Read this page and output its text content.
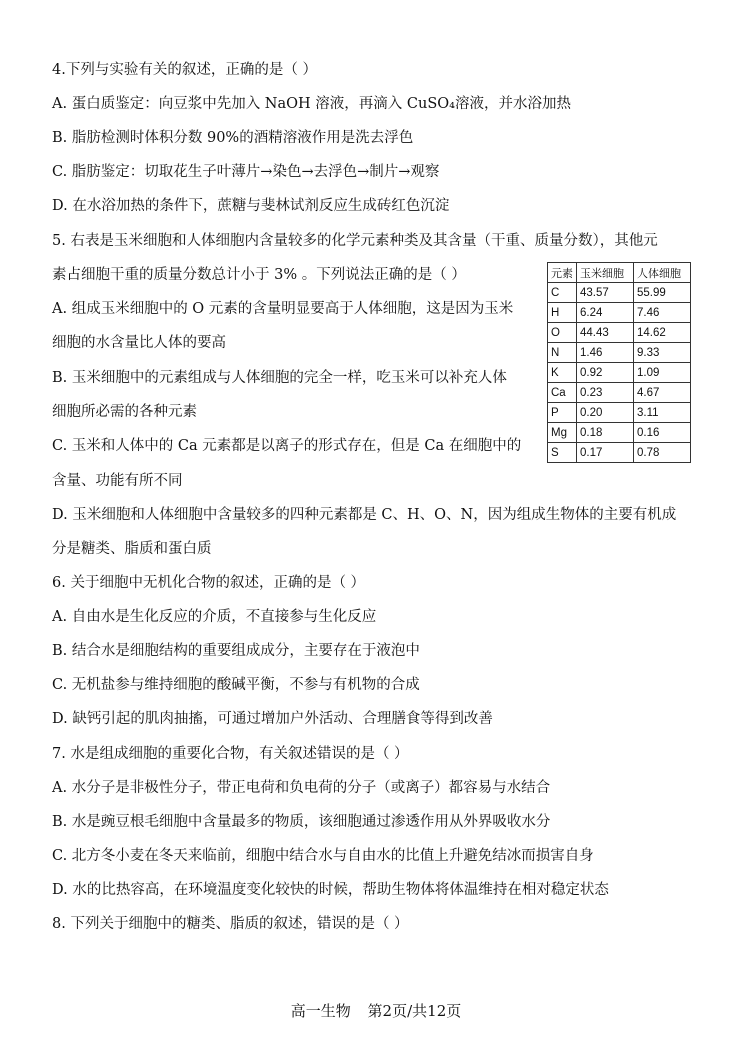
4.下列与实验有关的叙述，正确的是（ ）
A. 蛋白质鉴定：向豆浆中先加入 NaOH 溶液，再滴入 CuSO₄溶液，并水浴加热
B. 脂肪检测时体积分数 90%的酒精溶液作用是洗去浮色
C. 脂肪鉴定：切取花生子叶薄片→染色→去浮色→制片→观察
D. 在水浴加热的条件下，蔗糖与斐林试剂反应生成砖红色沉淀
5. 右表是玉米细胞和人体细胞内含量较多的化学元素种类及其含量（干重、质量分数），其他元
素占细胞干重的质量分数总计小于 3% 。下列说法正确的是（ ）
A. 组成玉米细胞中的 O 元素的含量明显要高于人体细胞，这是因为玉米
细胞的水含量比人体的要高
B. 玉米细胞中的元素组成与人体细胞的完全一样，吃玉米可以补充人体
细胞所必需的各种元素
C. 玉米和人体中的 Ca 元素都是以离子的形式存在，但是 Ca 在细胞中的
含量、功能有所不同
D. 玉米细胞和人体细胞中含量较多的四种元素都是 C、H、O、N，因为组成生物体的主要有机成
分是糖类、脂质和蛋白质
6. 关于细胞中无机化合物的叙述，正确的是（ ）
A. 自由水是生化反应的介质，不直接参与生化反应
B. 结合水是细胞结构的重要组成成分，主要存在于液泡中
C. 无机盐参与维持细胞的酸碱平衡，不参与有机物的合成
D. 缺钙引起的肌肉抽搐，可通过增加户外活动、合理膳食等得到改善
7. 水是组成细胞的重要化合物，有关叙述错误的是（ ）
A. 水分子是非极性分子，带正电荷和负电荷的分子（或离子）都容易与水结合
B. 水是豌豆根毛细胞中含量最多的物质，该细胞通过渗透作用从外界吸收水分
C. 北方冬小麦在冬天来临前，细胞中结合水与自由水的比值上升避免结冰而损害自身
D. 水的比热容高，在环境温度变化较快的时候，帮助生物体将体温维持在相对稳定状态
8. 下列关于细胞中的糖类、脂质的叙述，错误的是（ ）
元素	玉米细胞	人体细胞
C	43.57	55.99
H	6.24	7.46
O	44.43	14.62
N	1.46	9.33
K	0.92	1.09
Ca	0.23	4.67
P	0.20	3.11
Mg	0.18	0.16
S	0.17	0.78
高一生物 第2页/共12页
